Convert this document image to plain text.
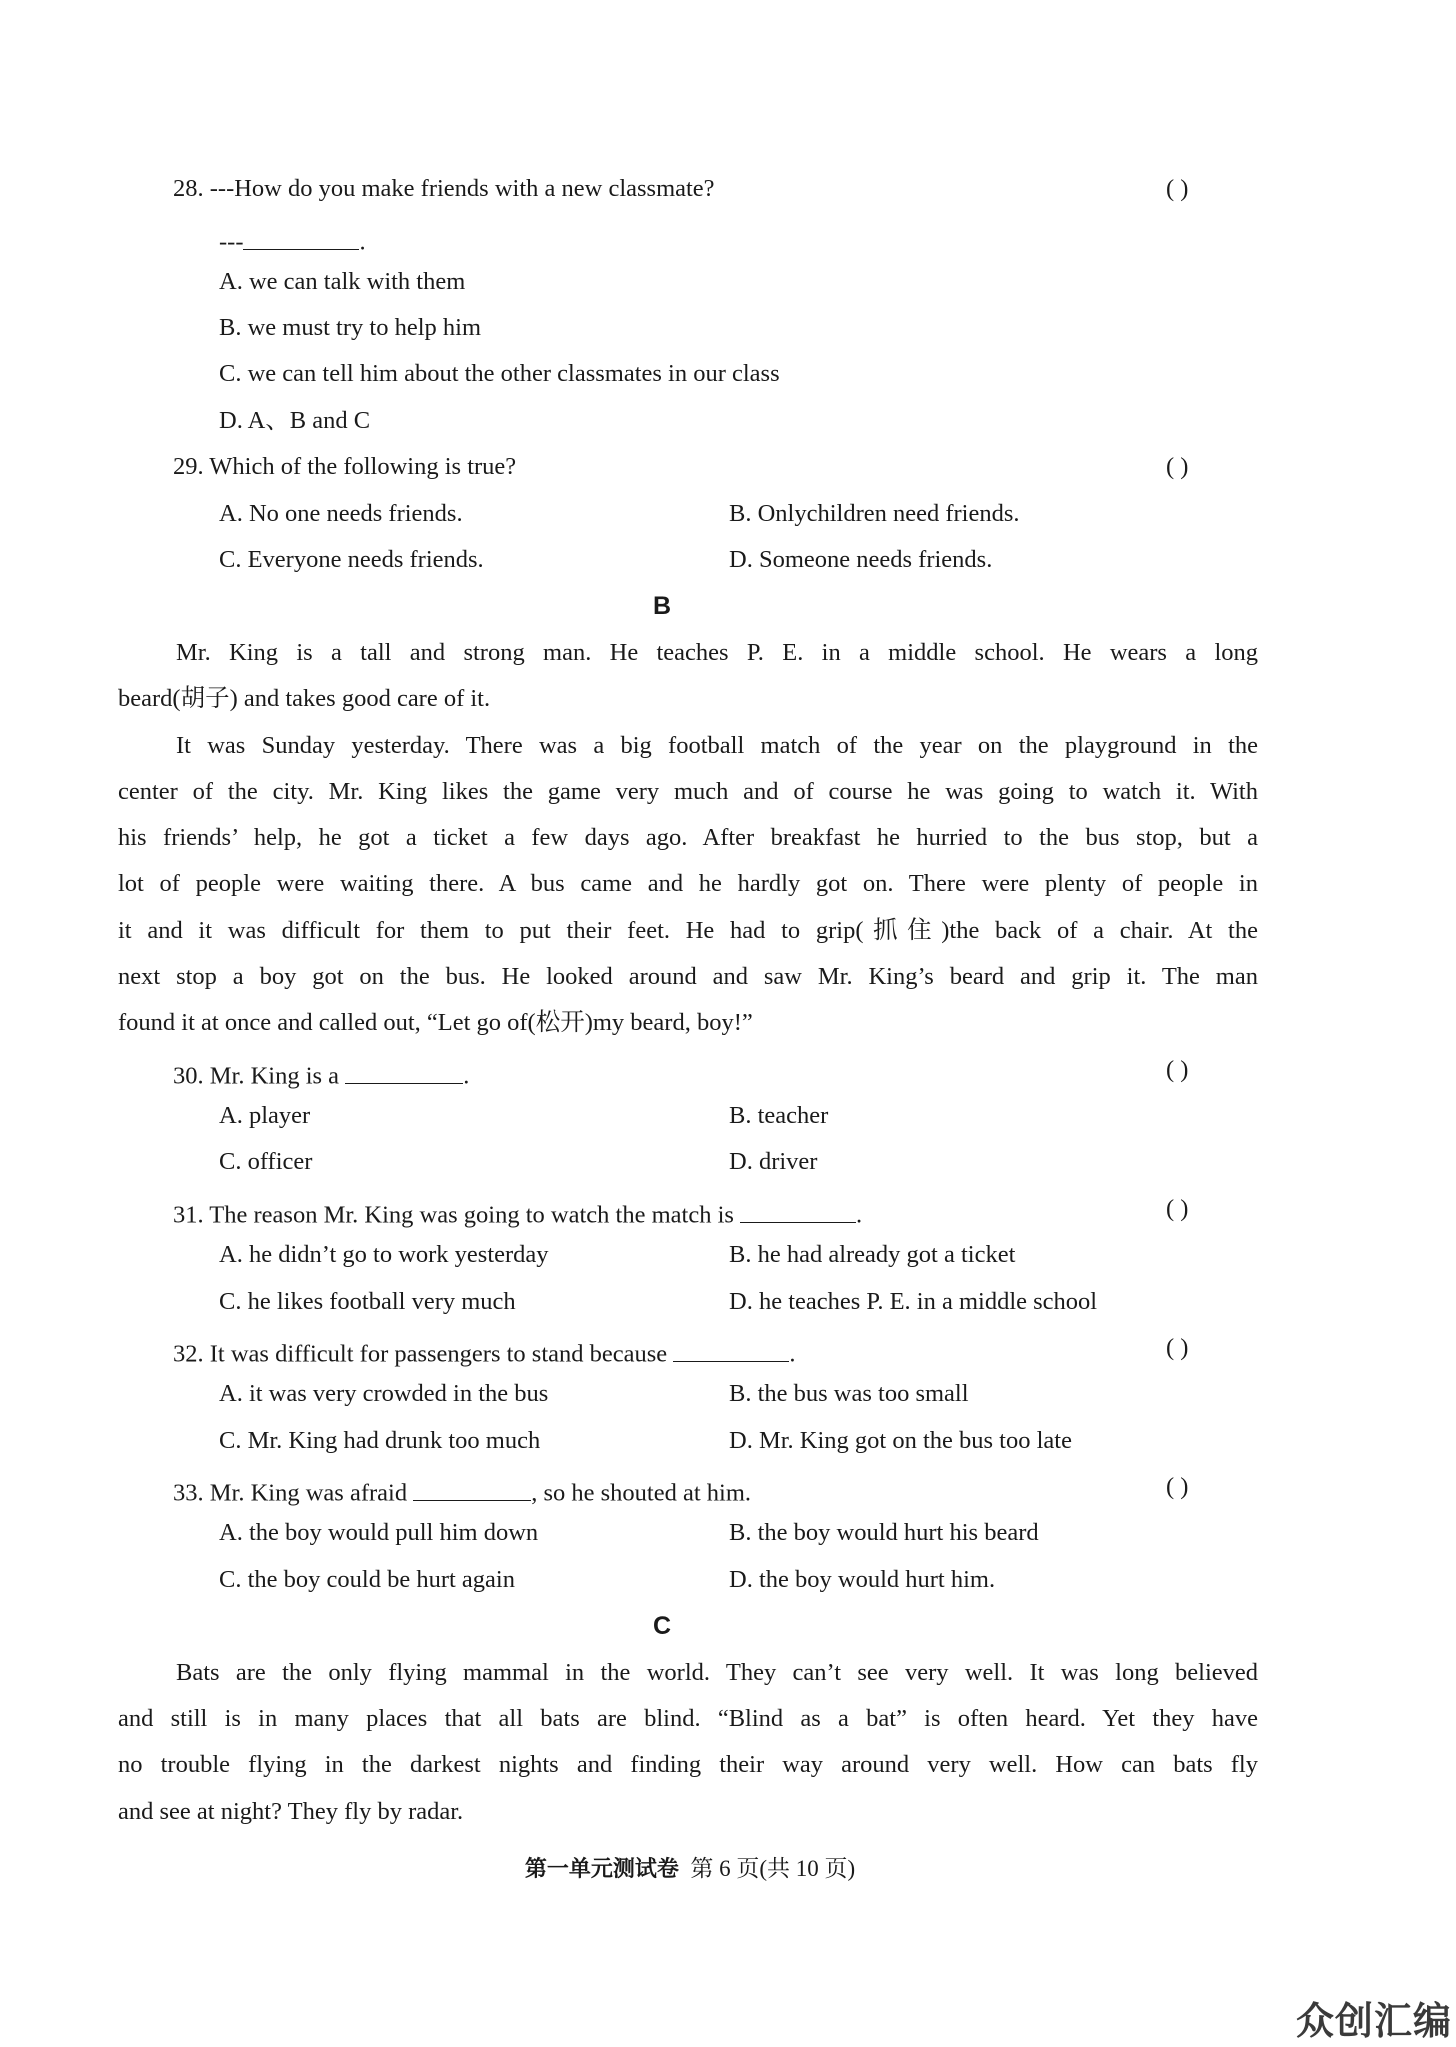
28. ---How do you make friends with a new classmate?	( )
---	.
A. we can talk with them
B. we must try to help him
C. we can tell him about the other classmates in our class
D. A、B and C
29. Which of the following is true?	( )
A. No one needs friends.	B. Onlychildren need friends.
C. Everyone needs friends.	D. Someone needs friends.
B
Mr. King is a tall and strong man. He teaches P. E. in a middle school. He wears a long
beard(胡子) and takes good care of it.
It was Sunday yesterday. There was a big football match of the year on the playground in the
center of the city. Mr. King likes the game very much and of course he was going to watch it. With
his friends’ help, he got a ticket a few days ago. After breakfast he hurried to the bus stop, but a
lot of people were waiting there. A bus came and he hardly got on. There were plenty of people in
it and it was difficult for them to put their feet. He had to grip(抓住)the back of a chair. At the
next stop a boy got on the bus. He looked around and saw Mr. King’s beard and grip it. The man
found it at once and called out, “Let go of(松开)my beard, boy!”
30. Mr. King is a	.	( )
A. player	B. teacher
C. officer	D. driver
31. The reason Mr. King was going to watch the match is	.	( )
A. he didn’t go to work yesterday	B. he had already got a ticket
C. he likes football very much	D. he teaches P. E. in a middle school
32. It was difficult for passengers to stand because	.	( )
A. it was very crowded in the bus	B. the bus was too small
C. Mr. King had drunk too much	D. Mr. King got on the bus too late
33. Mr. King was afraid	, so he shouted at him.	( )
A. the boy would pull him down	B. the boy would hurt his beard
C. the boy could be hurt again	D. the boy would hurt him.
C
Bats are the only flying mammal in the world. They can’t see very well. It was long believed
and still is in many places that all bats are blind. “Blind as a bat” is often heard. Yet they have
no trouble flying in the darkest nights and finding their way around very well. How can bats fly
and see at night? They fly by radar.
第一单元测试卷 第 6 页(共 10 页)
众创汇编
